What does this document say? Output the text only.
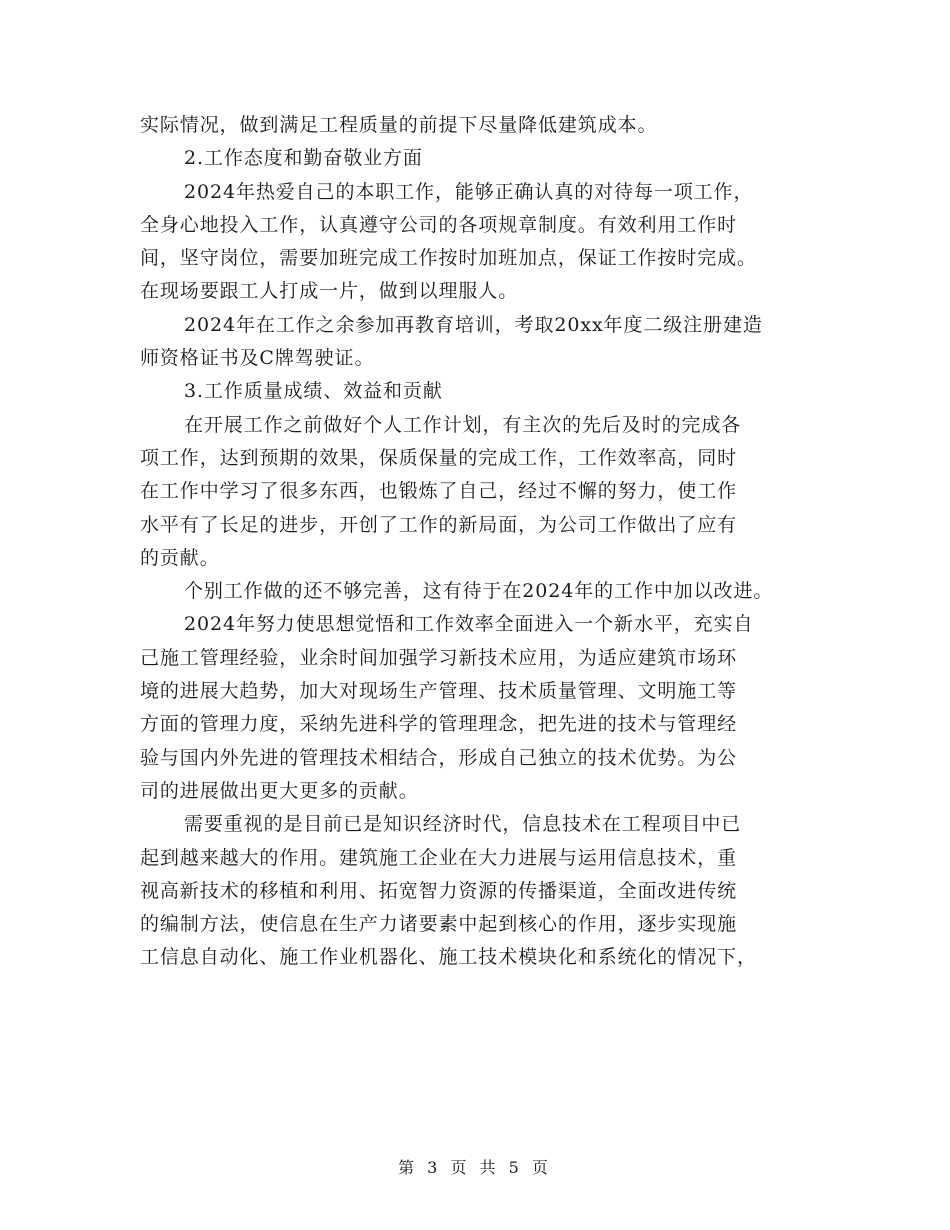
实际情况，做到满足工程质量的前提下尽量降低建筑成本。
2.工作态度和勤奋敬业方面
2024年热爱自己的本职工作，能够正确认真的对待每一项工作，
全身心地投入工作，认真遵守公司的各项规章制度。有效利用工作时
间，坚守岗位，需要加班完成工作按时加班加点，保证工作按时完成。
在现场要跟工人打成一片，做到以理服人。
2024年在工作之余参加再教育培训，考取20xx年度二级注册建造
师资格证书及C牌驾驶证。
3.工作质量成绩、效益和贡献
在开展工作之前做好个人工作计划，有主次的先后及时的完成各
项工作，达到预期的效果，保质保量的完成工作，工作效率高，同时
在工作中学习了很多东西，也锻炼了自己，经过不懈的努力，使工作
水平有了长足的进步，开创了工作的新局面，为公司工作做出了应有
的贡献。
个别工作做的还不够完善，这有待于在2024年的工作中加以改进。
2024年努力使思想觉悟和工作效率全面进入一个新水平，充实自
己施工管理经验，业余时间加强学习新技术应用，为适应建筑市场环
境的进展大趋势，加大对现场生产管理、技术质量管理、文明施工等
方面的管理力度，采纳先进科学的管理理念，把先进的技术与管理经
验与国内外先进的管理技术相结合，形成自己独立的技术优势。为公
司的进展做出更大更多的贡献。
需要重视的是目前已是知识经济时代，信息技术在工程项目中已
起到越来越大的作用。建筑施工企业在大力进展与运用信息技术，重
视高新技术的移植和利用、拓宽智力资源的传播渠道，全面改进传统
的编制方法，使信息在生产力诸要素中起到核心的作用，逐步实现施
工信息自动化、施工作业机器化、施工技术模块化和系统化的情况下，
第 3 页 共 5 页
